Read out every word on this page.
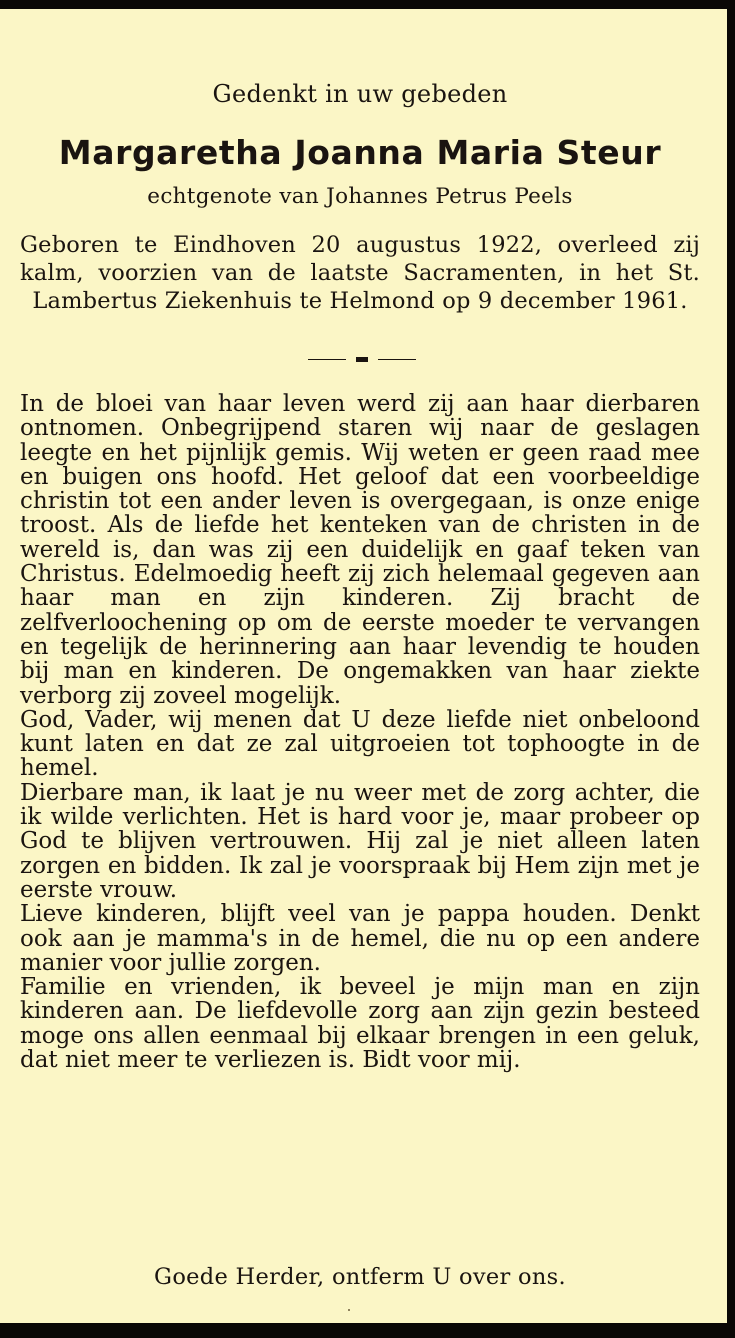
Gedenkt in uw gebeden
Margaretha Joanna Maria Steur
echtgenote van Johannes Petrus Peels
Geboren te Eindhoven 20 augustus 1922, overleed zij kalm, voorzien van de laatste Sacramenten, in het St. Lambertus Ziekenhuis te Helmond op 9 december 1961.

In de bloei van haar leven werd zij aan haar dierbaren ontnomen. Onbegrijpend staren wij naar de geslagen leegte en het pijnlijk gemis. Wij weten er geen raad mee en buigen ons hoofd. Het geloof dat een voorbeeldige christin tot een ander leven is overgegaan, is onze enige troost. Als de liefde het kenteken van de christen in de wereld is, dan was zij een duidelijk en gaaf teken van Christus. Edelmoedig heeft zij zich helemaal gegeven aan haar man en zijn kinderen. Zij bracht de zelfverloochening op om de eerste moeder te vervangen en tegelijk de herinnering aan haar levendig te houden bij man en kinderen. De ongemakken van haar ziekte verborg zij zoveel mogelijk.

God, Vader, wij menen dat U deze liefde niet onbeloond kunt laten en dat ze zal uitgroeien tot tophoogte in de hemel.

Dierbare man, ik laat je nu weer met de zorg achter, die ik wilde verlichten. Het is hard voor je, maar probeer op God te blijven vertrouwen. Hij zal je niet alleen laten zorgen en bidden. Ik zal je voorspraak bij Hem zijn met je eerste vrouw.

Lieve kinderen, blijft veel van je pappa houden. Denkt ook aan je mamma's in de hemel, die nu op een andere manier voor jullie zorgen.

Familie en vrienden, ik beveel je mijn man en zijn kinderen aan. De liefdevolle zorg aan zijn gezin besteed moge ons allen eenmaal bij elkaar brengen in een geluk, dat niet meer te verliezen is. Bidt voor mij.

Goede Herder, ontferm U over ons.
